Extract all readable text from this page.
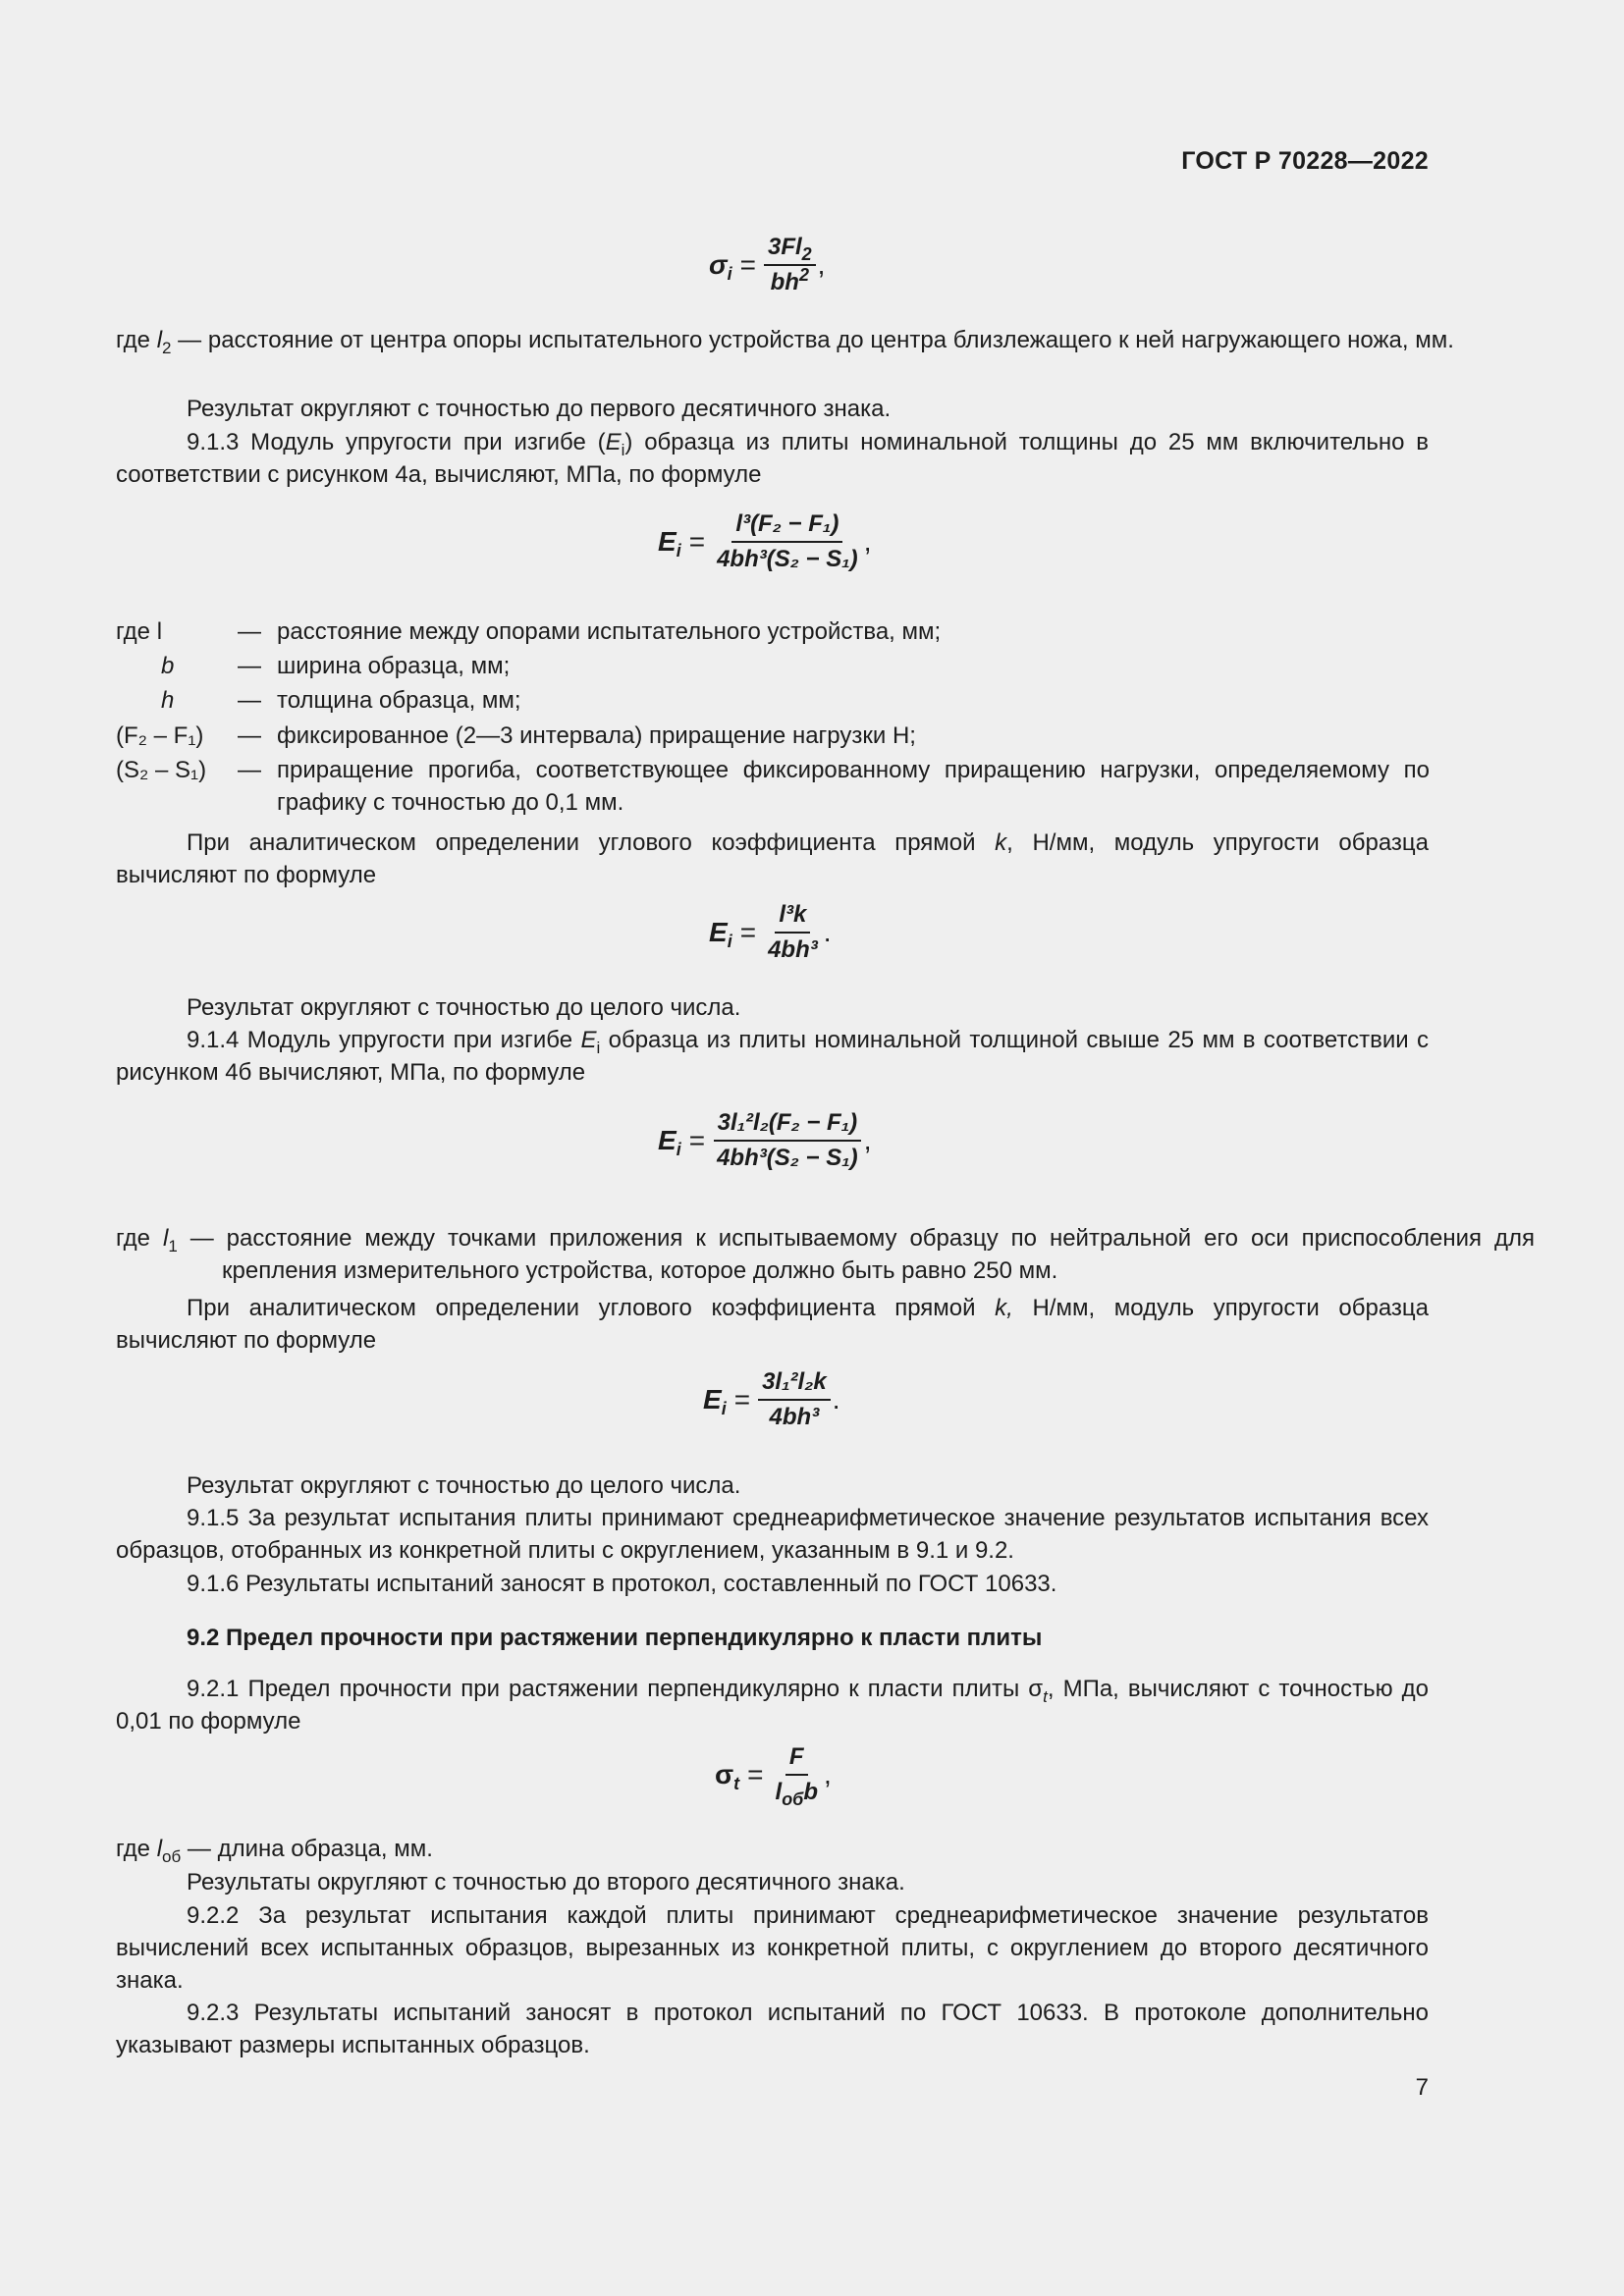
ГОСТ Р 70228—2022
$\sigma_i = \frac{3Fl_2}{bh^2}$ ,
где $l_2$ — расстояние от центра опоры испытательного устройства до центра близлежащего к ней нагружающего ножа, мм.
Результат округляют с точностью до первого десятичного знака.
9.1.3 Модуль упругости при изгибе $(E_i)$ образца из плиты номинальной толщины до 25 мм включительно в соответствии с рисунком 4а, вычисляют, МПа, по формуле
$E_i = \frac{\text{l³(F₂ − F₁)}}{\text{4bh³(S₂ − S₁)}}$ ,
где l	— расстояние между опорами испытательного устройства, мм;
b	— ширина образца, мм;
h	— толщина образца, мм;
(F₂ – F₁)	— фиксированное (2—3 интервала) приращение нагрузки Н;
(S₂ – S₁)	— приращение прогиба, соответствующее фиксированному приращению нагрузки, определяемому по графику с точностью до 0,1 мм.
При аналитическом определении углового коэффициента прямой k, Н/мм, модуль упругости образца вычисляют по формуле
$E_i = \frac{\text{l³k}}{\text{4bh³}}$ .
Результат округляют с точностью до целого числа.
9.1.4 Модуль упругости при изгибе $E_i$ образца из плиты номинальной толщиной свыше 25 мм в соответствии с рисунком 4б вычисляют, МПа, по формуле
$E_i = \frac{\text{3l₁²l₂(F₂ − F₁)}}{\text{4bh³(S₂ − S₁)}}$ ,
где $l_1$ — расстояние между точками приложения к испытываемому образцу по нейтральной его оси приспособления для крепления измерительного устройства, которое должно быть равно 250 мм.
При аналитическом определении углового коэффициента прямой k, Н/мм, модуль упругости образца вычисляют по формуле
$E_i = \frac{\text{3l₁²l₂k}}{\text{4bh³}}$ .
Результат округляют с точностью до целого числа.
9.1.5 За результат испытания плиты принимают среднеарифметическое значение результатов испытания всех образцов, отобранных из конкретной плиты с округлением, указанным в 9.1 и 9.2.
9.1.6 Результаты испытаний заносят в протокол, составленный по ГОСТ 10633.
9.2 Предел прочности при растяжении перпендикулярно к пласти плиты
9.2.1 Предел прочности при растяжении перпендикулярно к пласти плиты $\sigma_t$, МПа, вычисляют с точностью до 0,01 по формуле
$\sigma_t = \frac{F}{l_{об}b}$ ,
где $l_{об}$ — длина образца, мм.
Результаты округляют с точностью до второго десятичного знака.
9.2.2 За результат испытания каждой плиты принимают среднеарифметическое значение результатов вычислений всех испытанных образцов, вырезанных из конкретной плиты, с округлением до второго десятичного знака.
9.2.3 Результаты испытаний заносят в протокол испытаний по ГОСТ 10633. В протоколе дополнительно указывают размеры испытанных образцов.
7
